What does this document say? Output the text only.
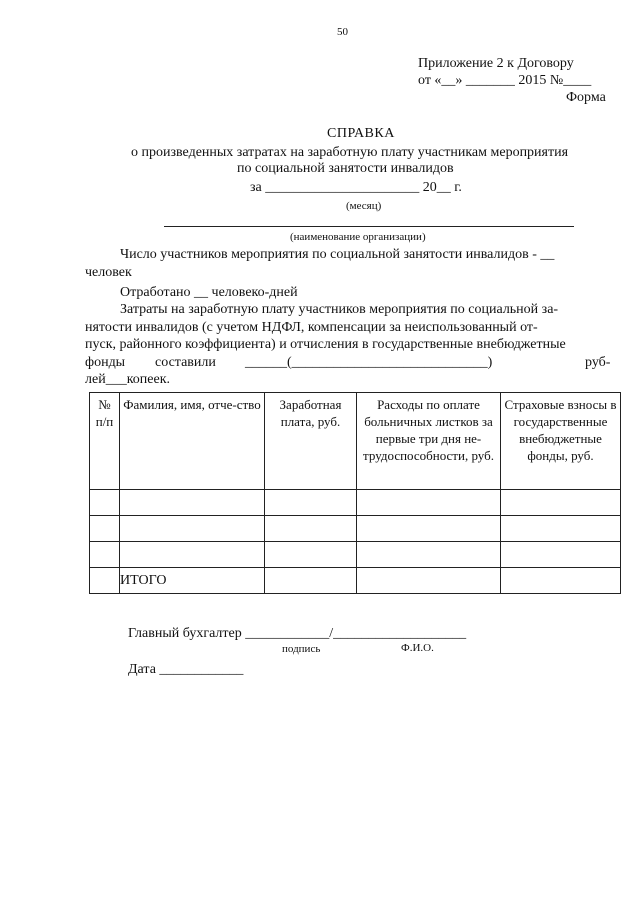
50
Приложение 2 к Договору
от «__» _______ 2015 №____
Форма
СПРАВКА
о произведенных затратах на заработную плату участникам мероприятия
по социальной занятости инвалидов
за ______________________ 20__ г.
(месяц)
(наименование организации)
Число участников мероприятия по социальной занятости инвалидов - __
человек
Отработано __ человеко-дней
Затраты на заработную плату участников мероприятия по социальной за-
нятости инвалидов (с учетом НДФЛ, компенсации за неиспользованный от-
пуск, районного коэффициента) и отчисления в государственные внебюджетные
фонды составили ______(____________________________)	руб-
лей___копеек.
№ п/п	Фамилия, имя, отче-ство	Заработная плата, руб.	Расходы по оплате больничных листков за первые три дня не-трудоспособности, руб.	Страховые взносы в государственные внебюджетные фонды, руб.

	ИТОГО			
Главный бухгалтер ____________/___________________
подпись	Ф.И.О.
Дата ____________
